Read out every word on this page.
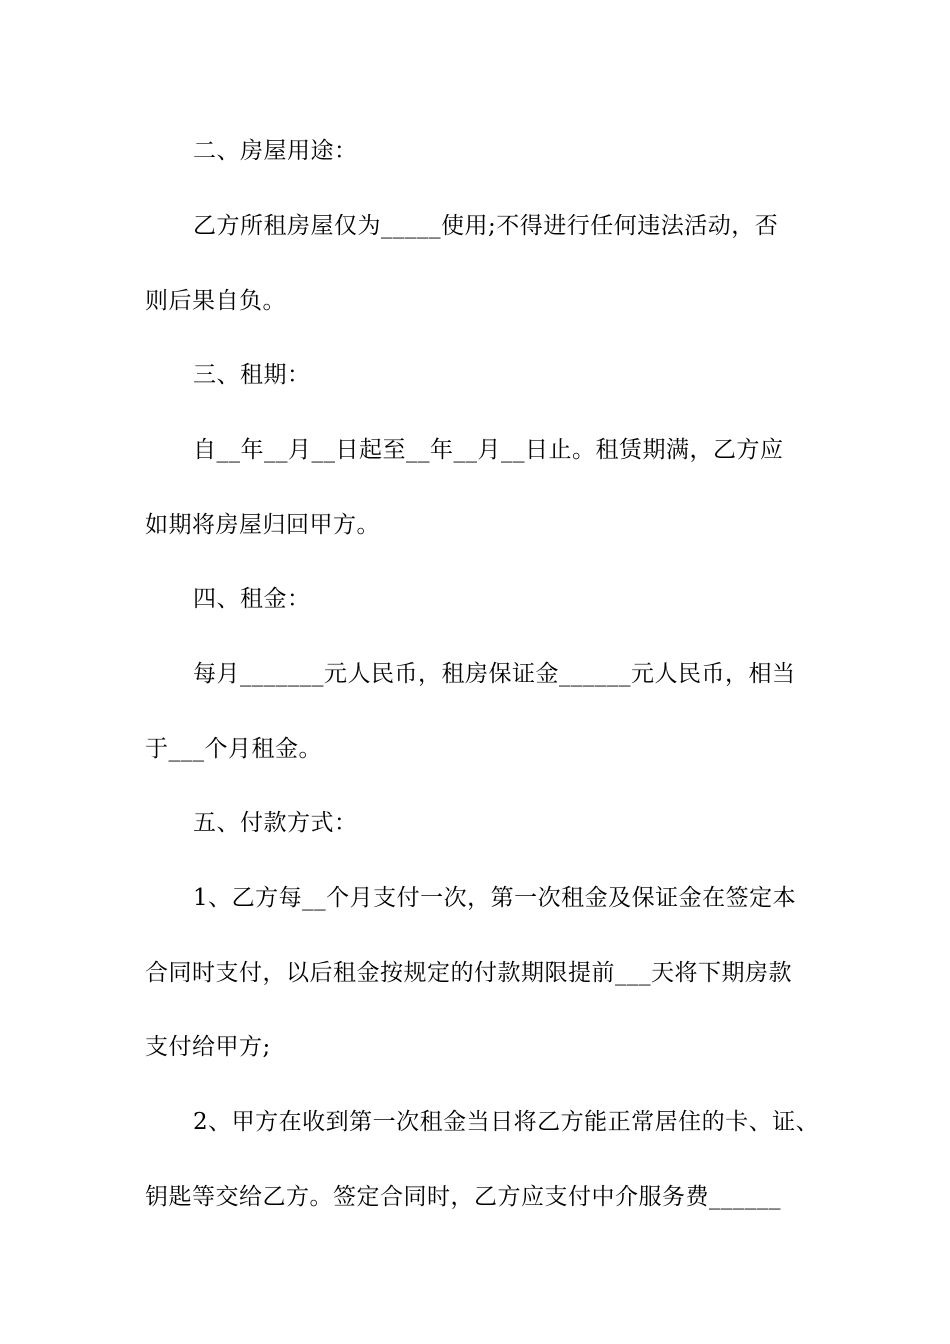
二、房屋用途：
乙方所租房屋仅为_____使用;不得进行任何违法活动，否
则后果自负。
三、租期：
自__年__月__日起至__年__月__日止。租赁期满，乙方应
如期将房屋归回甲方。
四、租金：
每月_______元人民币，租房保证金______元人民币，相当
于___个月租金。
五、付款方式：
1、乙方每__个月支付一次，第一次租金及保证金在签定本
合同时支付，以后租金按规定的付款期限提前___天将下期房款
支付给甲方;
2、甲方在收到第一次租金当日将乙方能正常居住的卡、证、
钥匙等交给乙方。签定合同时，乙方应支付中介服务费______
